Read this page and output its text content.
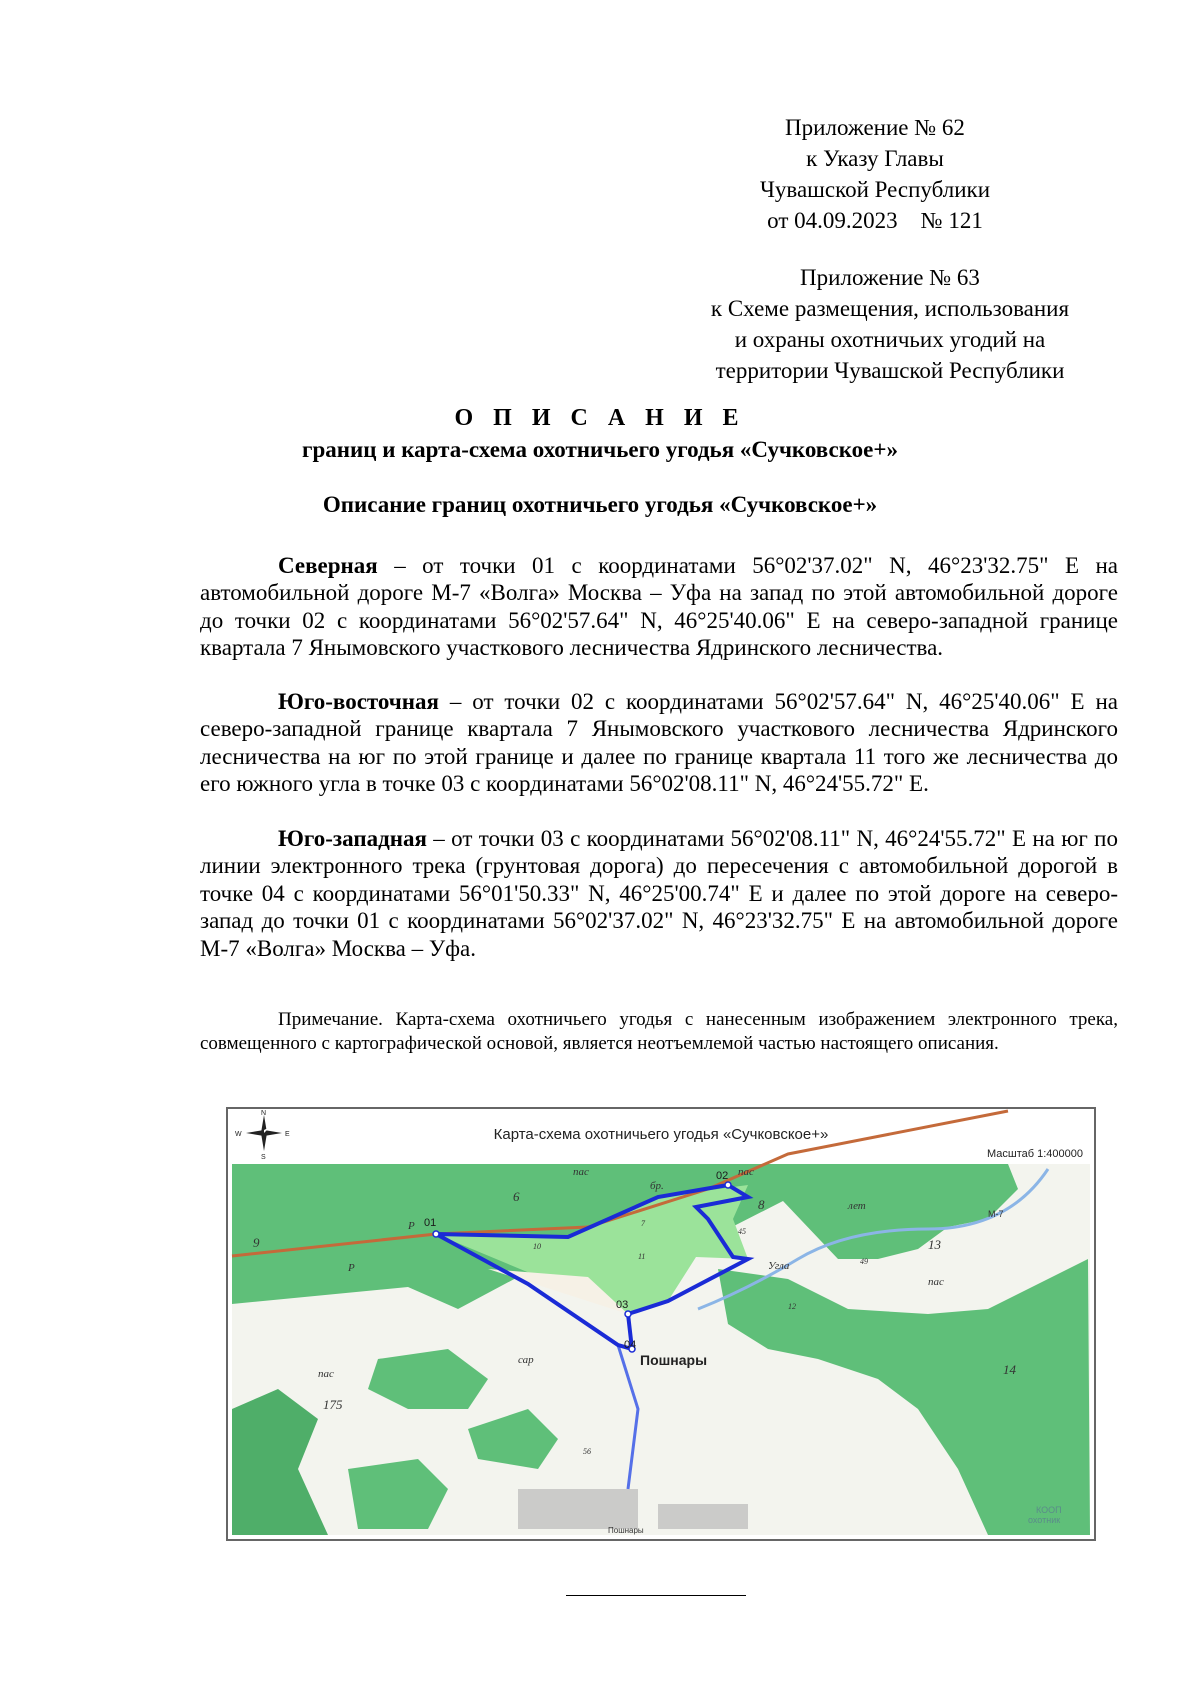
Приложение № 62
к Указу Главы
Чувашской Республики
от 04.09.2023    № 121
Приложение № 63
к Схеме размещения, использования
и охраны охотничьих угодий на
территории Чувашской Республики
О П И С А Н И Е
границ и карта-схема охотничьего угодья «Сучковское+»
Описание границ охотничьего угодья «Сучковское+»
Северная – от точки 01 с координатами 56°02'37.02" N, 46°23'32.75" E на автомобильной дороге М-7 «Волга» Москва – Уфа на запад по этой автомобильной дороге до точки 02 с координатами 56°02'57.64" N, 46°25'40.06" E на северо-западной границе квартала 7 Янымовского участкового лесничества Ядринского лесничества.
Юго-восточная – от точки 02 с координатами 56°02'57.64" N, 46°25'40.06" E на северо-западной границе квартала 7 Янымовского участкового лесничества Ядринского лесничества на юг по этой границе и далее по границе квартала 11 того же лесничества до его южного угла в точке 03 с координатами 56°02'08.11" N, 46°24'55.72" E.
Юго-западная – от точки 03 с координатами 56°02'08.11" N, 46°24'55.72" E на юг по линии электронного трека (грунтовая дорога) до пересечения с автомобильной дорогой в точке 04 с координатами 56°01'50.33" N, 46°25'00.74" E и далее по этой дороге на северо-запад до точки 01 с координатами 56°02'37.02" N, 46°23'32.75" E на автомобильной дороге М-7 «Волга» Москва – Уфа.
Примечание. Карта-схема охотничьего угодья с нанесенным изображением электронного трека, совмещенного с картографической основой, является неотъемлемой частью настоящего описания.
N
S
W	E	Карта-схема охотничьего угодья «Сучковское+»
Масштаб 1:400000
01
02
03
04
пас	пас
бр.
лет
пас
пас
сар
Р
Р	Угла
6
8
9
7
10
11
13
12
14
175
45
49
56
Пошнары
Пошнары
М-7
КООП
охотник
